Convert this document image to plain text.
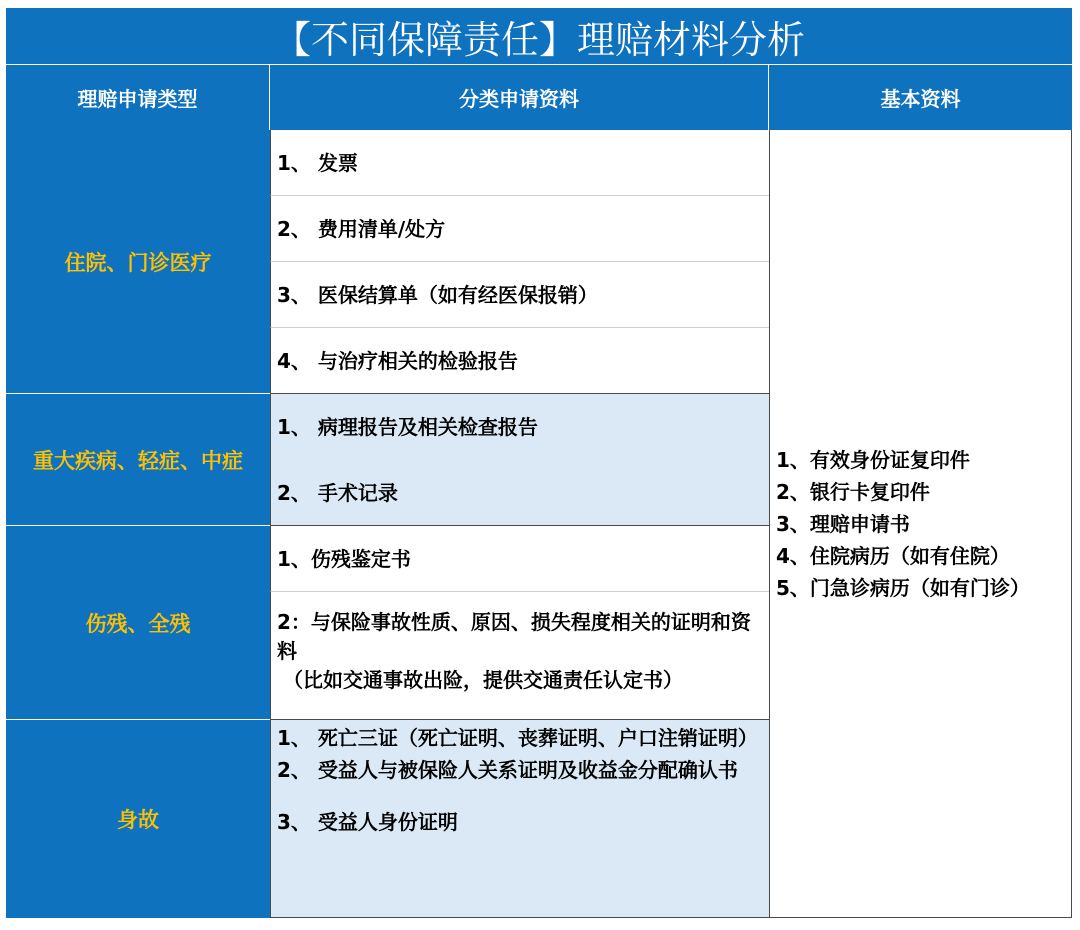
【不同保障责任】理赔材料分析
理赔申请类型	分类申请资料	基本资料
住院、门诊医疗
重大疾病、轻症、中症
伤残、全残
身故
1、 发票
2、 费用清单/处方
3、 医保结算单（如有经医保报销）
4、 与治疗相关的检验报告
1、 病理报告及相关检查报告
2、 手术记录
1、伤残鉴定书
2：与保险事故性质、原因、损失程度相关的证明和资料
（比如交通事故出险，提供交通责任认定书）
1、 死亡三证（死亡证明、丧葬证明、户口注销证明）
2、 受益人与被保险人关系证明及收益金分配确认书
3、 受益人身份证明
1、有效身份证复印件
2、银行卡复印件
3、理赔申请书
4、住院病历（如有住院）
5、门急诊病历（如有门诊）
